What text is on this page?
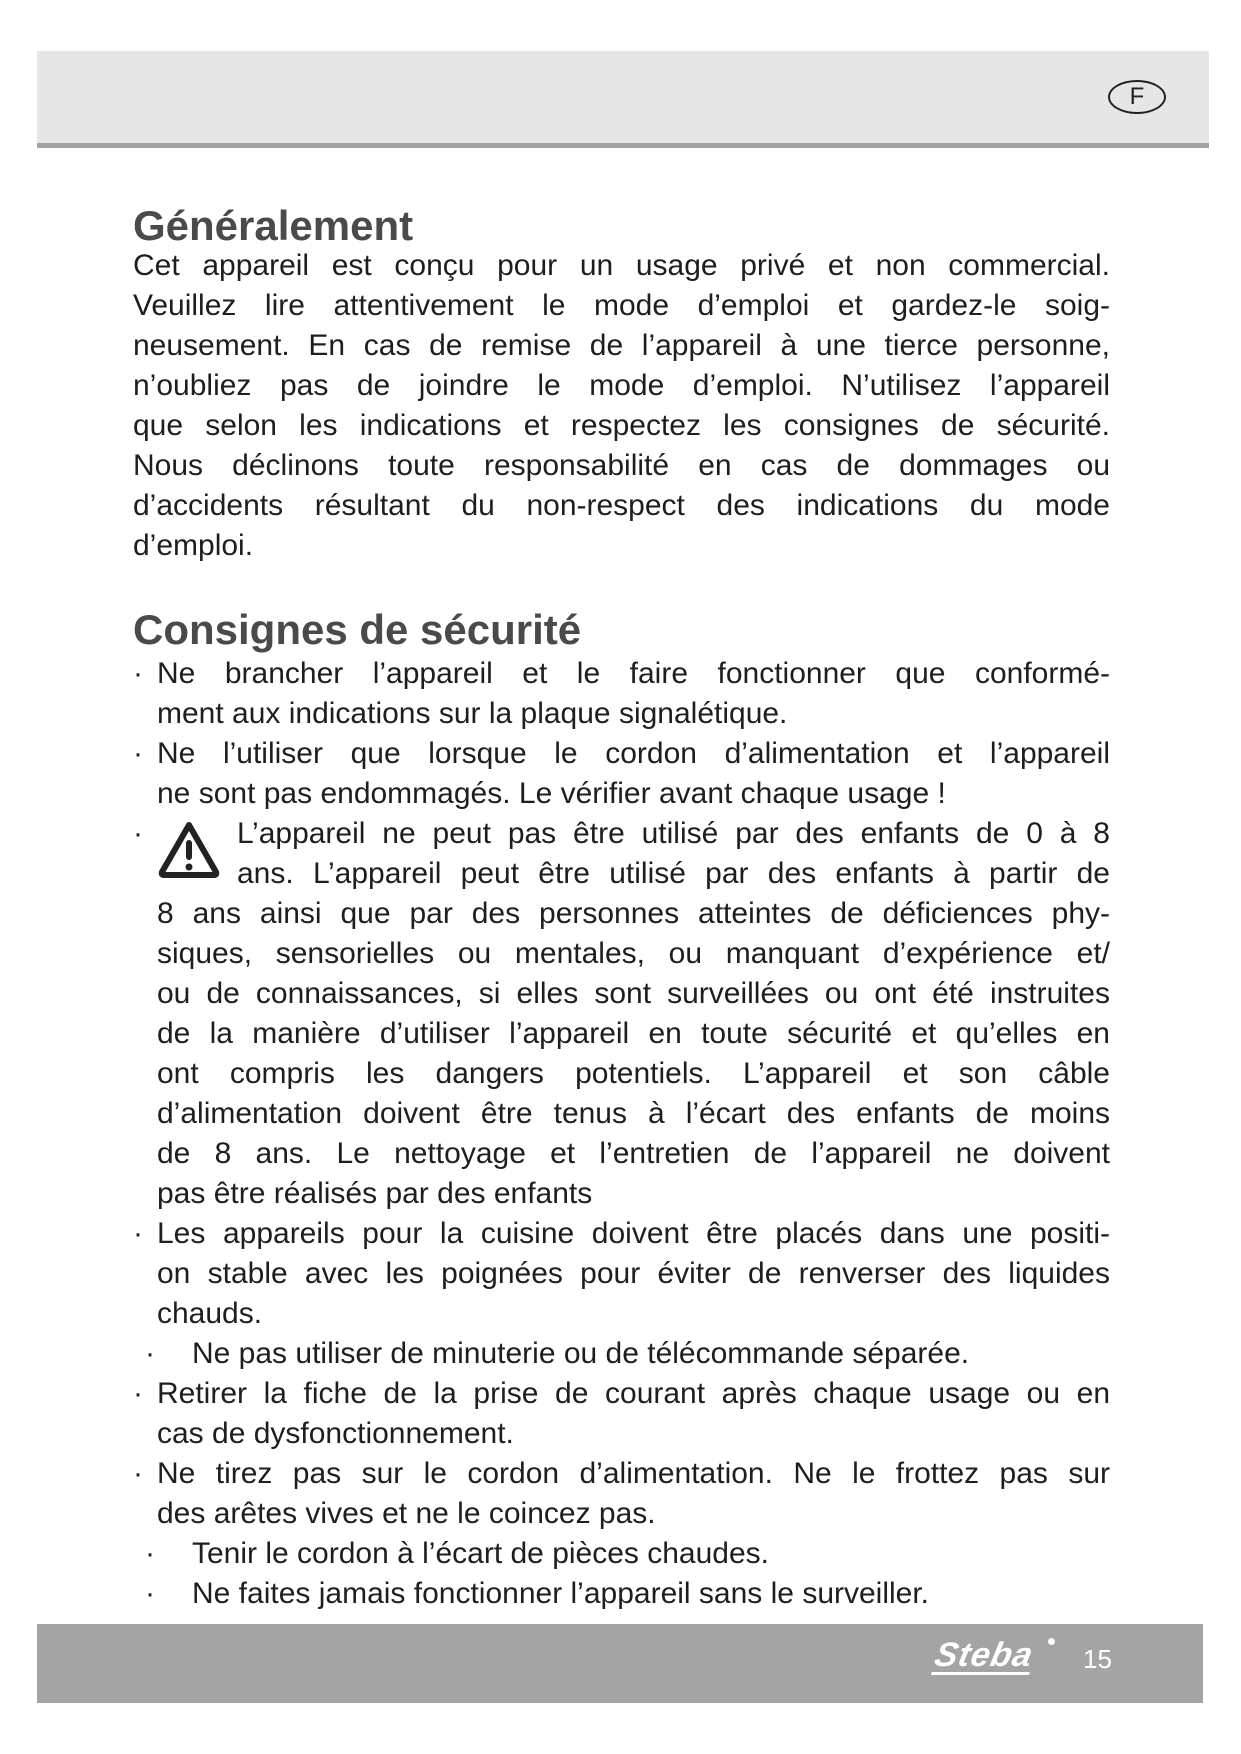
F
Généralement
Cet appareil est conçu pour un usage privé et non commercial.
Veuillez lire attentivement le mode d’emploi et gardez-le soig-
neusement. En cas de remise de l’appareil à une tierce personne,
n’oubliez pas de joindre le mode d’emploi. N’utilisez l’appareil
que selon les indications et respectez les consignes de sécurité.
Nous déclinons toute responsabilité en cas de dommages ou
d’accidents résultant du non-respect des indications du mode
d’emploi.
Consignes de sécurité
· Ne brancher l’appareil et le faire fonctionner que conformé-
ment aux indications sur la plaque signalétique.
· Ne l’utiliser que lorsque le cordon d’alimentation et l’appareil
ne sont pas endommagés. Le vérifier avant chaque usage !
·	L’appareil ne peut pas être utilisé par des enfants de 0 à 8
ans. L’appareil peut être utilisé par des enfants à partir de
8 ans ainsi que par des personnes atteintes de déficiences phy-
siques, sensorielles ou mentales, ou manquant d’expérience et/
ou de connaissances, si elles sont surveillées ou ont été instruites
de la manière d’utiliser l’appareil en toute sécurité et qu’elles en
ont compris les dangers potentiels. L’appareil et son câble
d’alimentation doivent être tenus à l’écart des enfants de moins
de 8 ans. Le nettoyage et l’entretien de l’appareil ne doivent
pas être réalisés par des enfants
· Les appareils pour la cuisine doivent être placés dans une positi-
on stable avec les poignées pour éviter de renverser des liquides
chauds.
· Ne pas utiliser de minuterie ou de télécommande séparée.
· Retirer la fiche de la prise de courant après chaque usage ou en
cas de dysfonctionnement.
· Ne tirez pas sur le cordon d’alimentation. Ne le frottez pas sur
des arêtes vives et ne le coincez pas.
· Tenir le cordon à l’écart de pièces chaudes.
· Ne faites jamais fonctionner l’appareil sans le surveiller.
Steba 15
